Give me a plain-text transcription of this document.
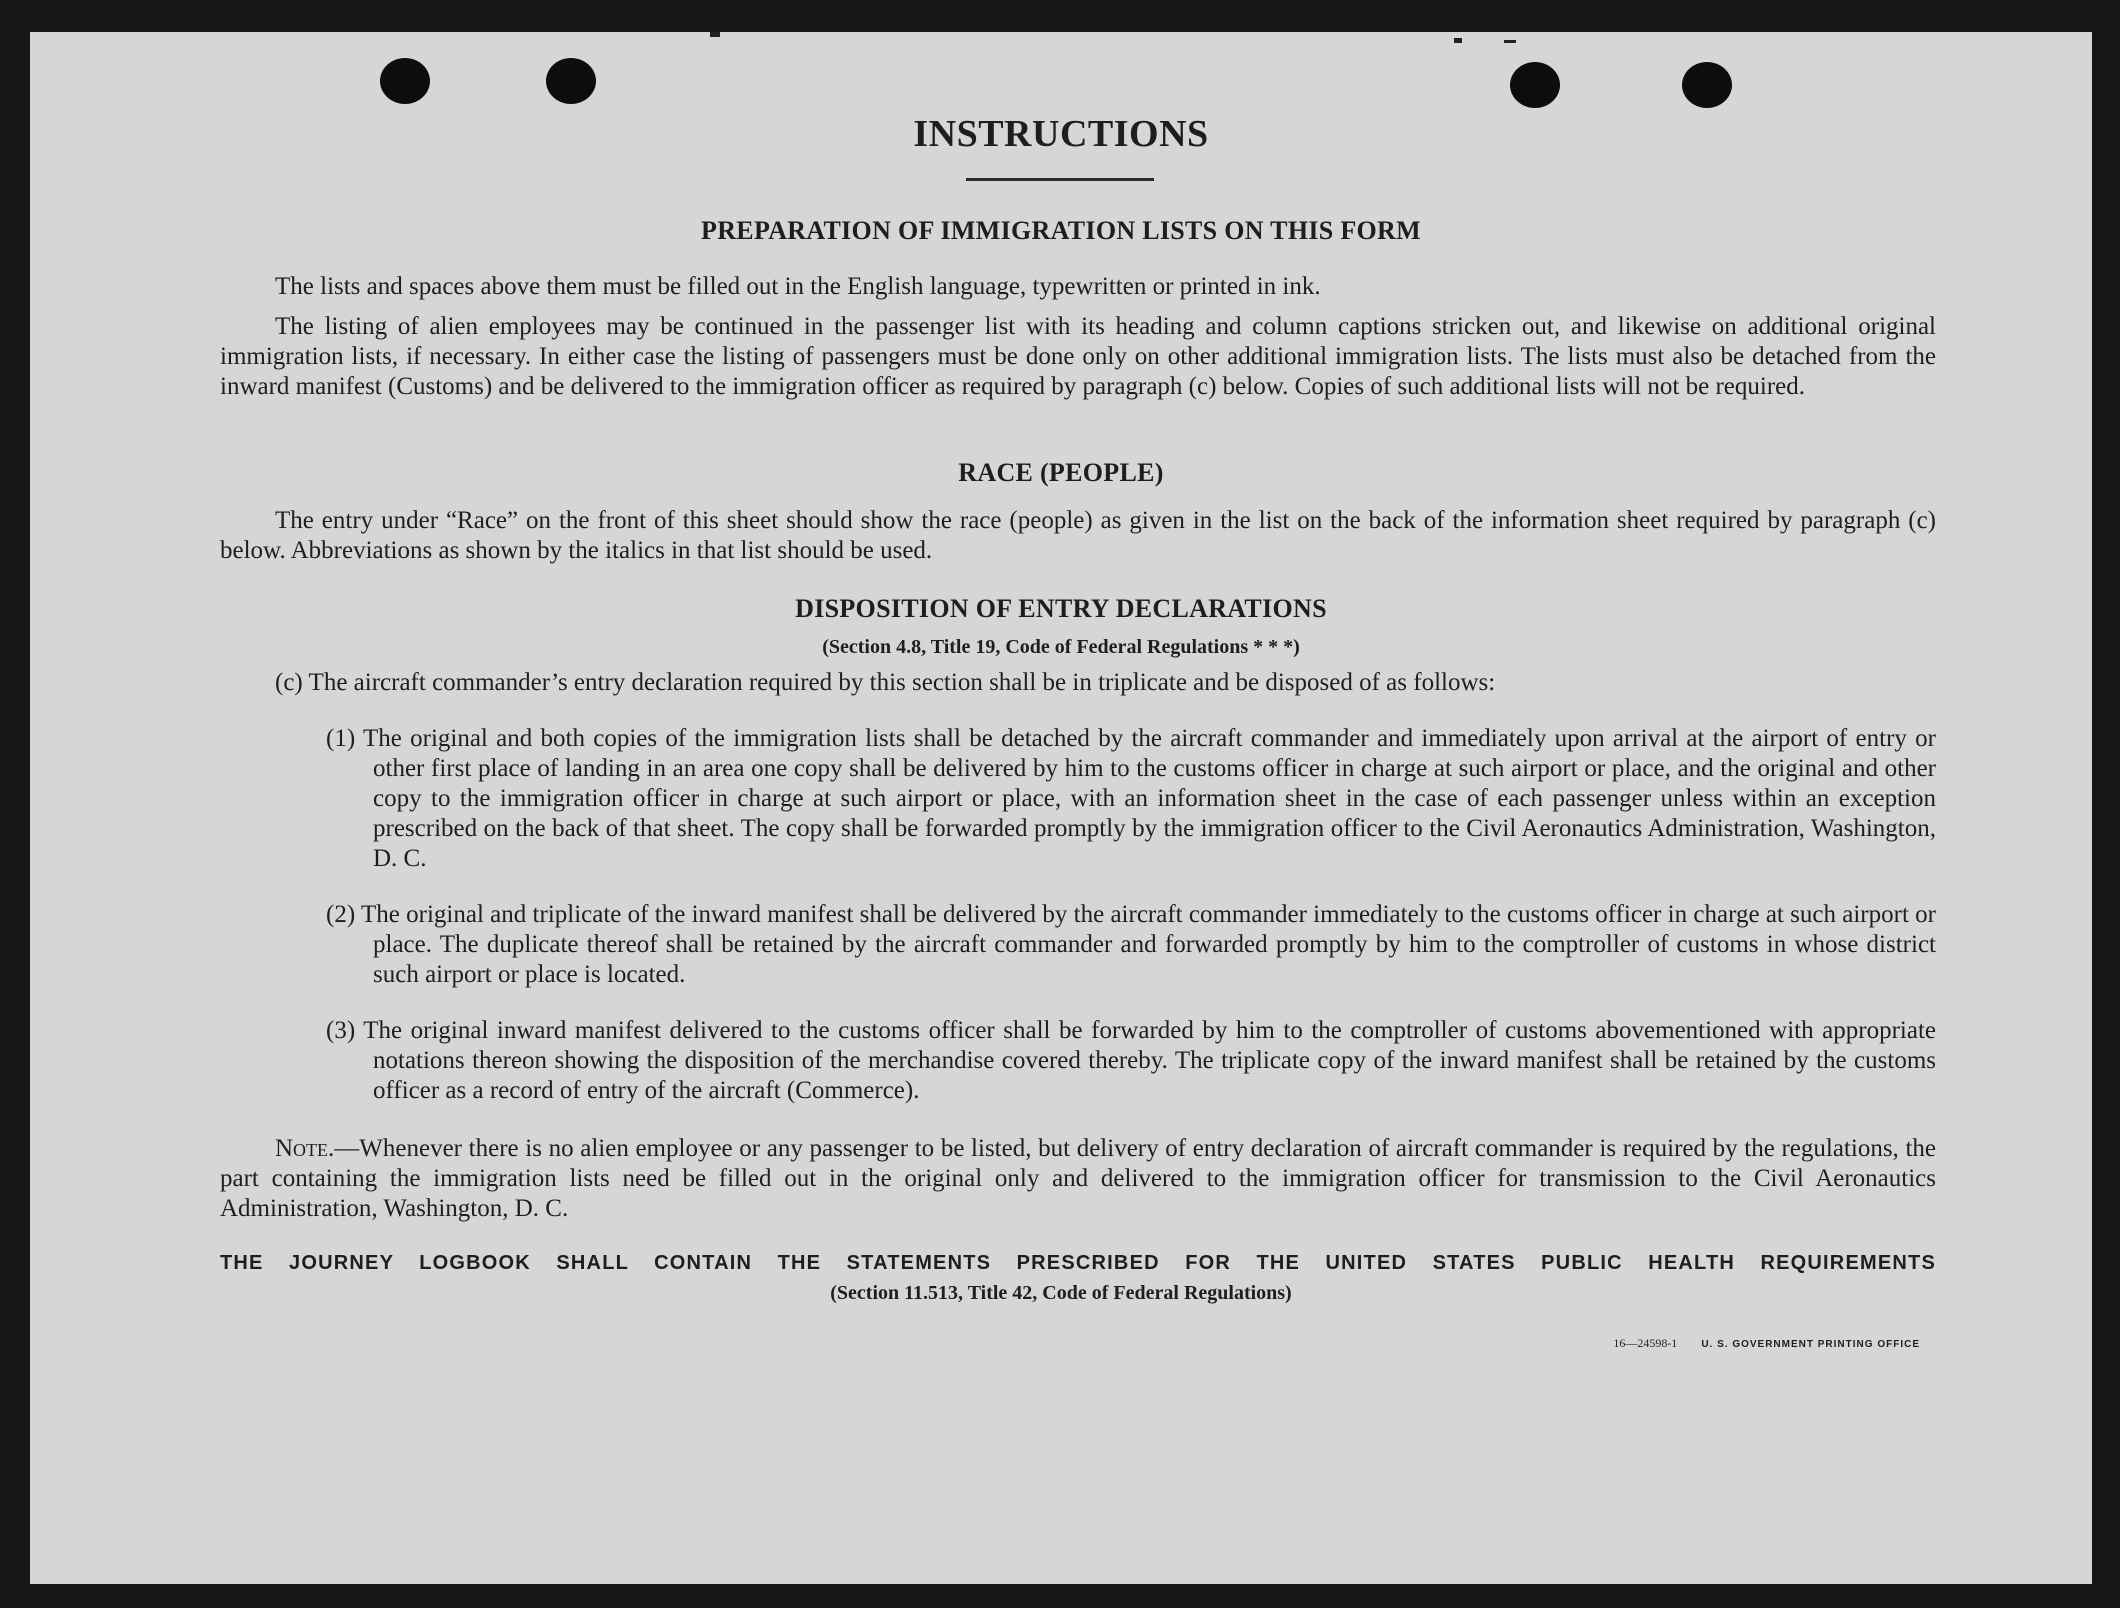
INSTRUCTIONS
PREPARATION OF IMMIGRATION LISTS ON THIS FORM
The lists and spaces above them must be filled out in the English language, typewritten or printed in ink.
The listing of alien employees may be continued in the passenger list with its heading and column captions stricken out, and likewise on additional original immigration lists, if necessary. In either case the listing of passengers must be done only on other additional immigration lists. The lists must also be detached from the inward manifest (Customs) and be delivered to the immigration officer as required by paragraph (c) below. Copies of such additional lists will not be required.
RACE (PEOPLE)
The entry under “Race” on the front of this sheet should show the race (people) as given in the list on the back of the information sheet required by paragraph (c) below. Abbreviations as shown by the italics in that list should be used.
DISPOSITION OF ENTRY DECLARATIONS
(Section 4.8, Title 19, Code of Federal Regulations * * *)
(c) The aircraft commander’s entry declaration required by this section shall be in triplicate and be disposed of as follows:
(1) The original and both copies of the immigration lists shall be detached by the aircraft commander and immediately upon arrival at the airport of entry or other first place of landing in an area one copy shall be delivered by him to the customs officer in charge at such airport or place, and the original and other copy to the immigration officer in charge at such airport or place, with an information sheet in the case of each passenger unless within an exception prescribed on the back of that sheet. The copy shall be forwarded promptly by the immigration officer to the Civil Aeronautics Administration, Washington, D. C.
(2) The original and triplicate of the inward manifest shall be delivered by the aircraft commander immediately to the customs officer in charge at such airport or place. The duplicate thereof shall be retained by the aircraft commander and forwarded promptly by him to the comptroller of customs in whose district such airport or place is located.
(3) The original inward manifest delivered to the customs officer shall be forwarded by him to the comptroller of customs abovementioned with appropriate notations thereon showing the disposition of the merchandise covered thereby. The triplicate copy of the inward manifest shall be retained by the customs officer as a record of entry of the aircraft (Commerce).
Note.—Whenever there is no alien employee or any passenger to be listed, but delivery of entry declaration of aircraft commander is required by the regulations, the part containing the immigration lists need be filled out in the original only and delivered to the immigration officer for transmission to the Civil Aeronautics Administration, Washington, D. C.
THE JOURNEY LOGBOOK SHALL CONTAIN THE STATEMENTS PRESCRIBED FOR THE UNITED STATES PUBLIC HEALTH REQUIREMENTS
(Section 11.513, Title 42, Code of Federal Regulations)
16—24598-1 U. S. GOVERNMENT PRINTING OFFICE
